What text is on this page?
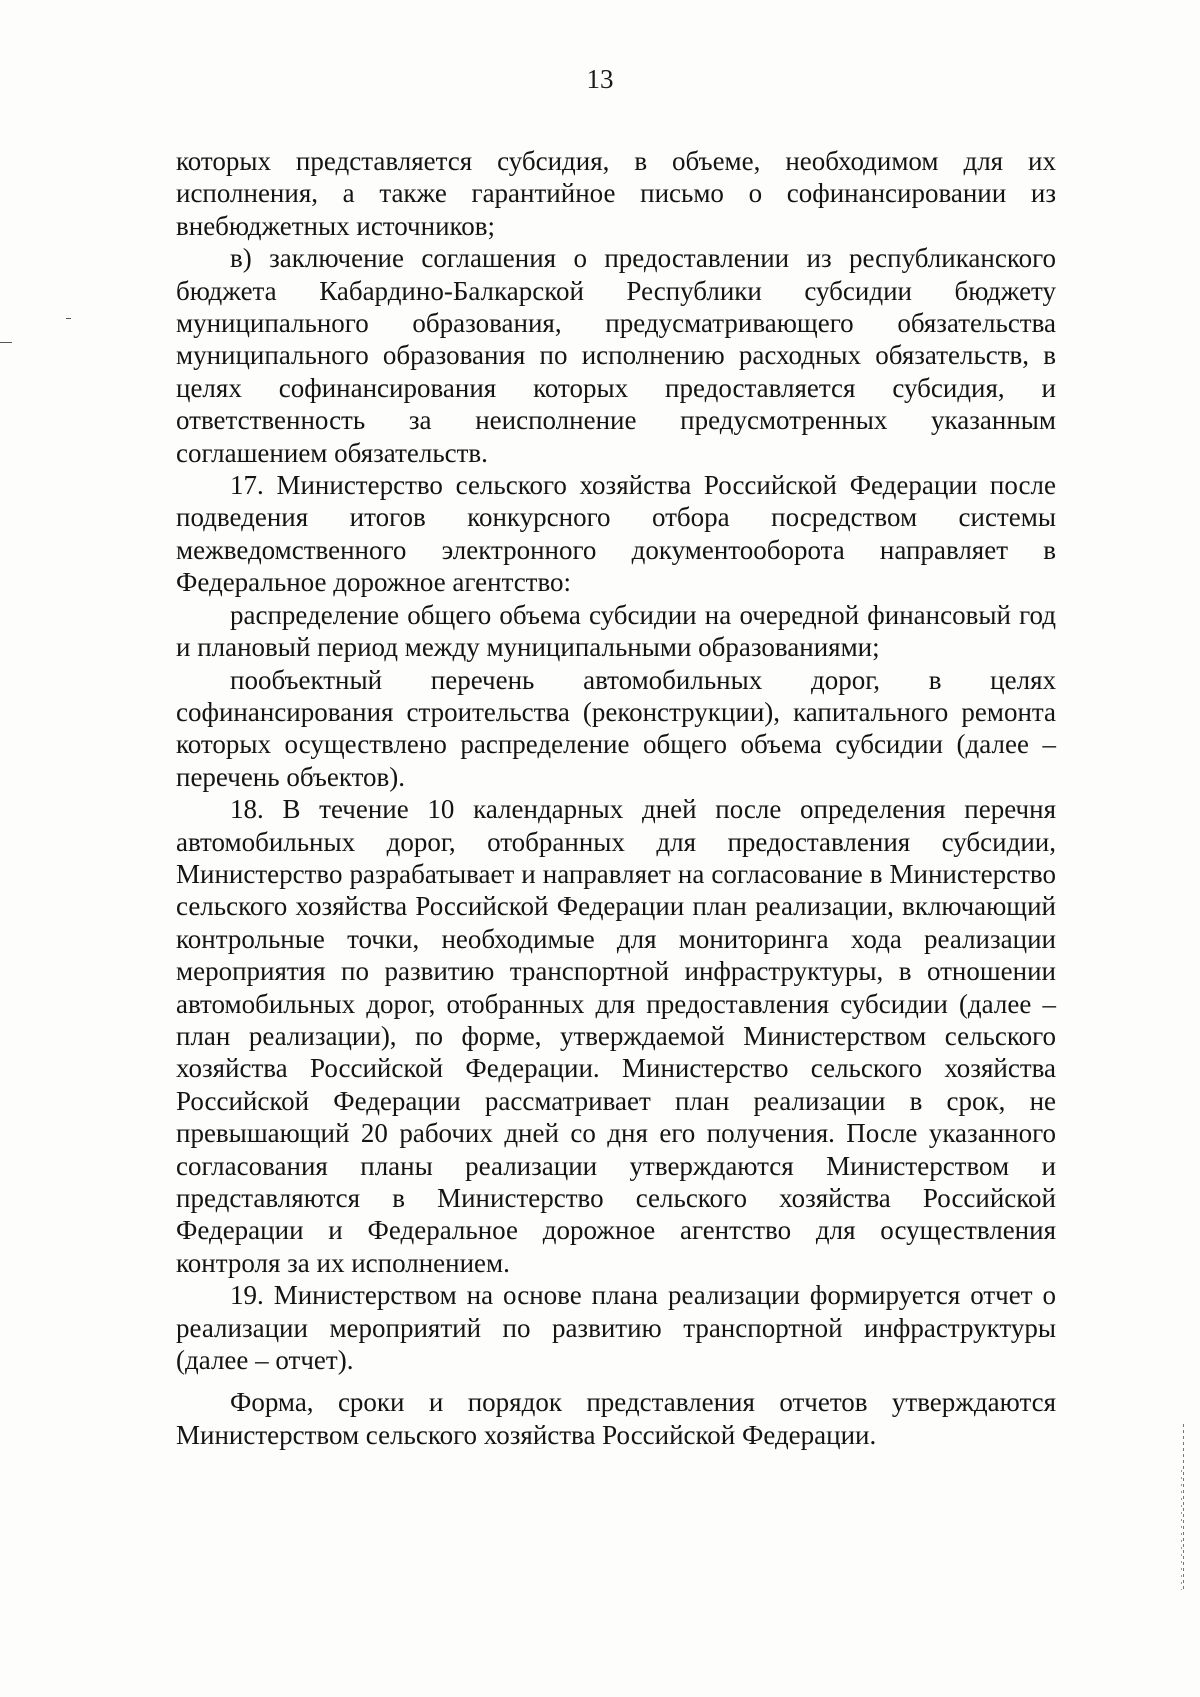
13

которых представляется субсидия, в объеме, необходимом для их исполнения, а также гарантийное письмо о софинансировании из внебюджетных источников;

в) заключение соглашения о предоставлении из республиканского бюджета Кабардино-Балкарской Республики субсидии бюджету муниципального образования, предусматривающего обязательства муниципального образования по исполнению расходных обязательств, в целях софинансирования которых предоставляется субсидия, и ответственность за неисполнение предусмотренных указанным соглашением обязательств.

17. Министерство сельского хозяйства Российской Федерации после подведения итогов конкурсного отбора посредством системы межведомственного электронного документооборота направляет в Федеральное дорожное агентство:

распределение общего объема субсидии на очередной финансовый год и плановый период между муниципальными образованиями;

пообъектный перечень автомобильных дорог, в целях софинансирования строительства (реконструкции), капитального ремонта которых осуществлено распределение общего объема субсидии (далее – перечень объектов).

18. В течение 10 календарных дней после определения перечня автомобильных дорог, отобранных для предоставления субсидии, Министерство разрабатывает и направляет на согласование в Министерство сельского хозяйства Российской Федерации план реализации, включающий контрольные точки, необходимые для мониторинга хода реализации мероприятия по развитию транспортной инфраструктуры, в отношении автомобильных дорог, отобранных для предоставления субсидии (далее – план реализации), по форме, утверждаемой Министерством сельского хозяйства Российской Федерации. Министерство сельского хозяйства Российской Федерации рассматривает план реализации в срок, не превышающий 20 рабочих дней со дня его получения. После указанного согласования планы реализации утверждаются Министерством и представляются в Министерство сельского хозяйства Российской Федерации и Федеральное дорожное агентство для осуществления контроля за их исполнением.

19. Министерством на основе плана реализации формируется отчет о реализации мероприятий по развитию транспортной инфраструктуры (далее – отчет).

Форма, сроки и порядок представления отчетов утверждаются Министерством сельского хозяйства Российской Федерации.
